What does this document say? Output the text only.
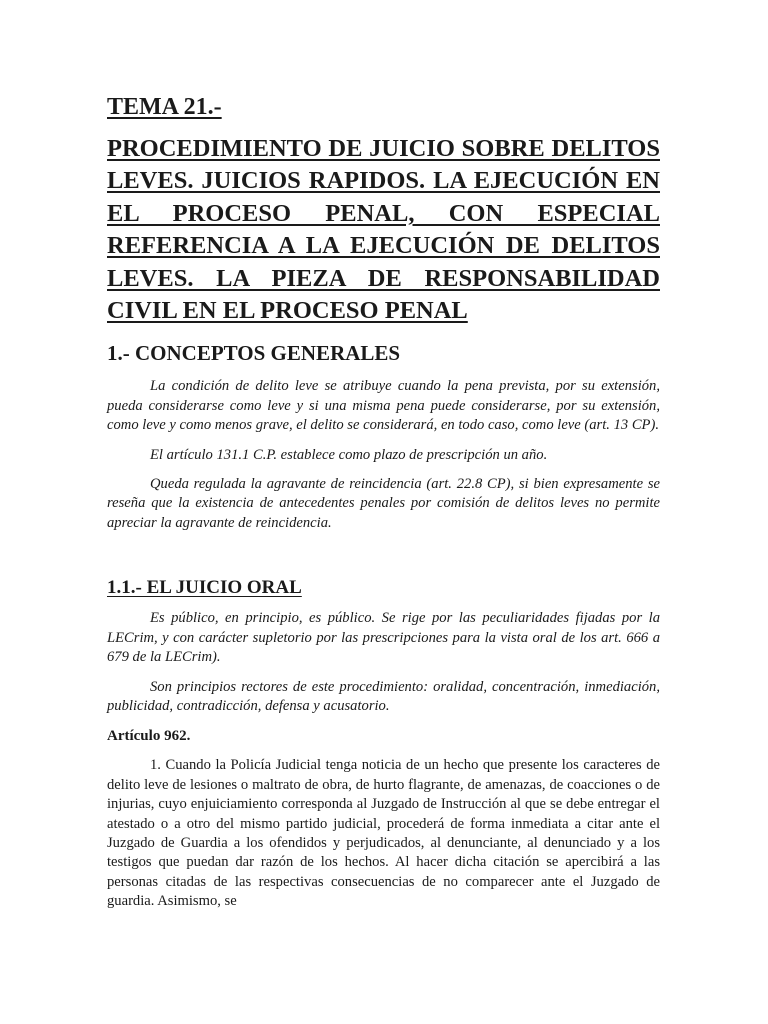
TEMA 21.-
PROCEDIMIENTO DE JUICIO SOBRE DELITOS LEVES. JUICIOS RAPIDOS. LA EJECUCIÓN EN EL PROCESO PENAL, CON ESPECIAL REFERENCIA A LA EJECUCIÓN DE DELITOS LEVES. LA PIEZA DE RESPONSABILIDAD CIVIL EN EL PROCESO PENAL
1.- CONCEPTOS GENERALES

La condición de delito leve se atribuye cuando la pena prevista, por su extensión, pueda considerarse como leve y si una misma pena puede considerarse, por su extensión, como leve y como menos grave, el delito se considerará, en todo caso, como leve (art. 13 CP).

El artículo 131.1 C.P. establece como plazo de prescripción un año.

Queda regulada la agravante de reincidencia (art. 22.8 CP), si bien expresamente se reseña que la existencia de antecedentes penales por comisión de delitos leves no permite apreciar la agravante de reincidencia.

1.1.- EL JUICIO ORAL

Es público, en principio, es público. Se rige por las peculiaridades fijadas por la LECrim, y con carácter supletorio por las prescripciones para la vista oral de los art. 666 a 679 de la LECrim).

Son principios rectores de este procedimiento: oralidad, concentración, inmediación, publicidad, contradicción, defensa y acusatorio.

Artículo 962.

1. Cuando la Policía Judicial tenga noticia de un hecho que presente los caracteres de delito leve de lesiones o maltrato de obra, de hurto flagrante, de amenazas, de coacciones o de injurias, cuyo enjuiciamiento corresponda al Juzgado de Instrucción al que se debe entregar el atestado o a otro del mismo partido judicial, procederá de forma inmediata a citar ante el Juzgado de Guardia a los ofendidos y perjudicados, al denunciante, al denunciado y a los testigos que puedan dar razón de los hechos. Al hacer dicha citación se apercibirá a las personas citadas de las respectivas consecuencias de no comparecer ante el Juzgado de guardia. Asimismo, se
